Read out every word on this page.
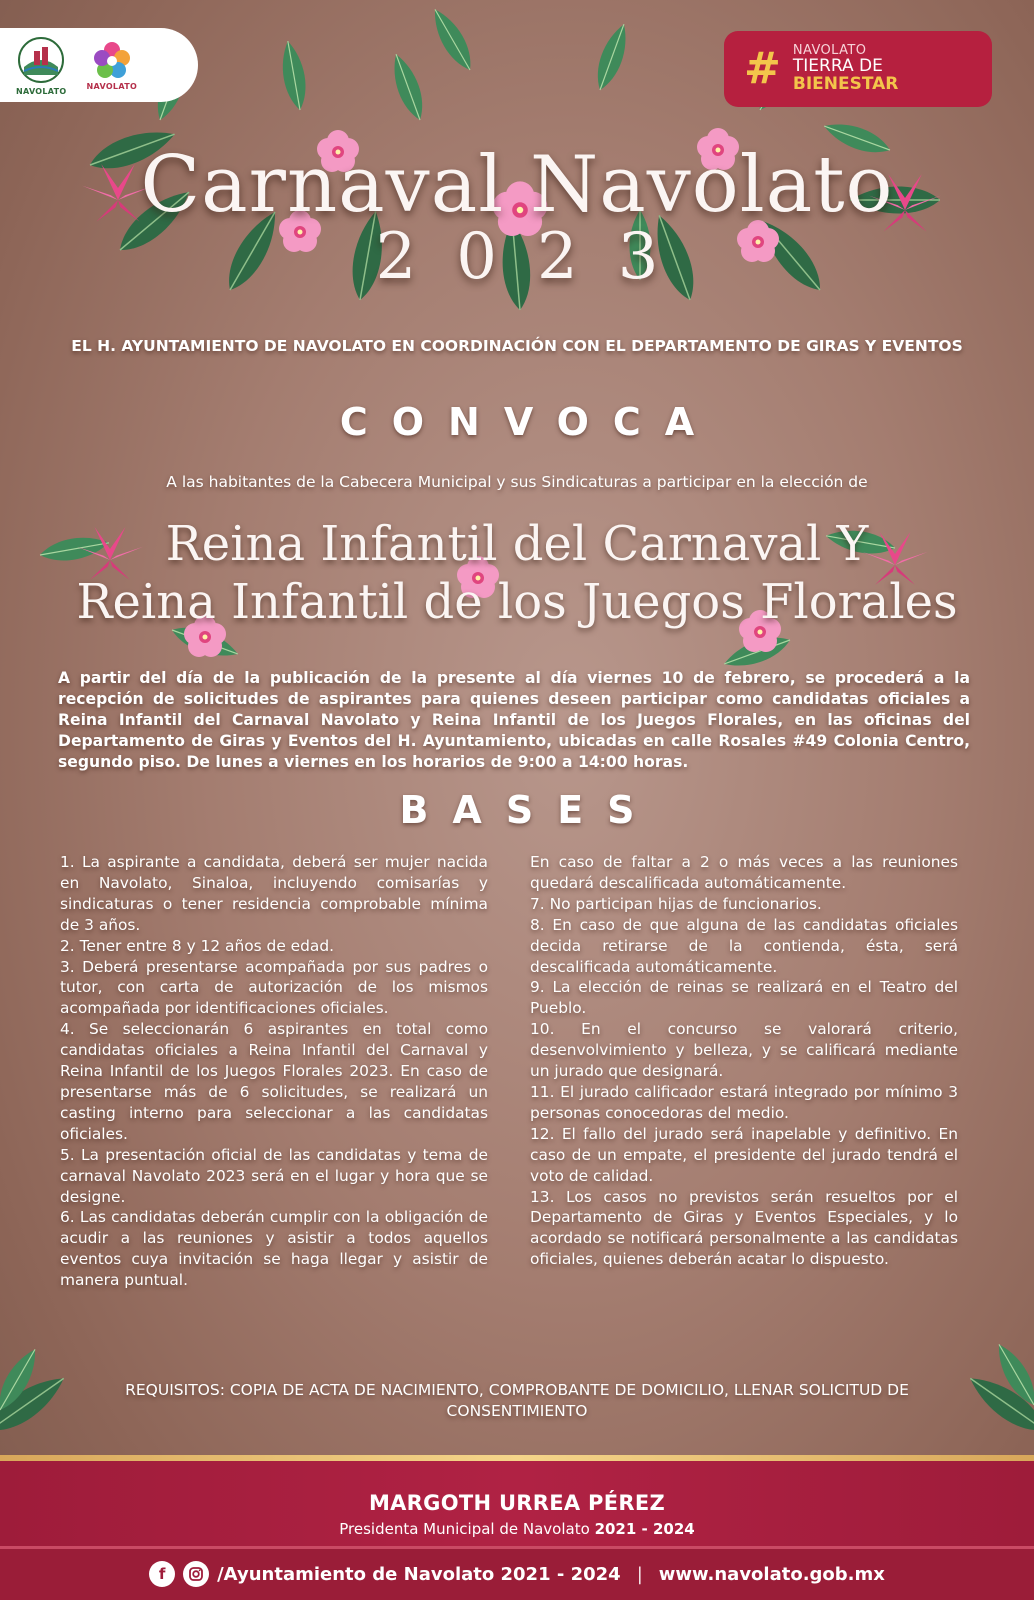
NAVOLATO
NAVOLATO	# NAVOLATO
TIERRA DE
BIENESTAR
Carnaval Navolato
2023
EL H. AYUNTAMIENTO DE NAVOLATO EN COORDINACIÓN CON EL DEPARTAMENTO DE GIRAS Y EVENTOS
CONVOCA
A las habitantes de la Cabecera Municipal y sus Sindicaturas a participar en la elección de
Reina Infantil del Carnaval Y
Reina Infantil de los Juegos Florales
A partir del día de la publicación de la presente al día viernes 10 de febrero, se procederá a la recepción de solicitudes de aspirantes para quienes deseen participar como candidatas oficiales a Reina Infantil del Carnaval Navolato y Reina Infantil de los Juegos Florales, en las oficinas del Departamento de Giras y Eventos del H. Ayuntamiento, ubicadas en calle Rosales #49 Colonia Centro, segundo piso. De lunes a viernes en los horarios de 9:00 a 14:00 horas.
BASES

1. La aspirante a candidata, deberá ser mujer nacida en Navolato, Sinaloa, incluyendo comisarías y sindicaturas o tener residencia comprobable mínima de 3 años.

2. Tener entre 8 y 12 años de edad.

3. Deberá presentarse acompañada por sus padres o tutor, con carta de autorización de los mismos acompañada por identificaciones oficiales.

4. Se seleccionarán 6 aspirantes en total como candidatas oficiales a Reina Infantil del Carnaval y Reina Infantil de los Juegos Florales 2023. En caso de presentarse más de 6 solicitudes, se realizará un casting interno para seleccionar a las candidatas oficiales.

5. La presentación oficial de las candidatas y tema de carnaval Navolato 2023 será en el lugar y hora que se designe.

6. Las candidatas deberán cumplir con la obligación de acudir a las reuniones y asistir a todos aquellos eventos cuya invitación se haga llegar y asistir de manera puntual.

En caso de faltar a 2 o más veces a las reuniones quedará descalificada automáticamente.

7. No participan hijas de funcionarios.

8. En caso de que alguna de las candidatas oficiales decida retirarse de la contienda, ésta, será descalificada automáticamente.

9. La elección de reinas se realizará en el Teatro del Pueblo.

10. En el concurso se valorará criterio, desenvolvimiento y belleza, y se calificará mediante un jurado que designará.

11. El jurado calificador estará integrado por mínimo 3 personas conocedoras del medio.

12. El fallo del jurado será inapelable y definitivo. En caso de un empate, el presidente del jurado tendrá el voto de calidad.

13. Los casos no previstos serán resueltos por el Departamento de Giras y Eventos Especiales, y lo acordado se notificará personalmente a las candidatas oficiales, quienes deberán acatar lo dispuesto.

REQUISITOS: COPIA DE ACTA DE NACIMIENTO, COMPROBANTE DE DOMICILIO, LLENAR SOLICITUD DE CONSENTIMIENTO
MARGOTH URREA PÉREZ
Presidenta Municipal de Navolato 2021 - 2024
f	/Ayuntamiento de Navolato 2021 - 2024 | www.navolato.gob.mx
